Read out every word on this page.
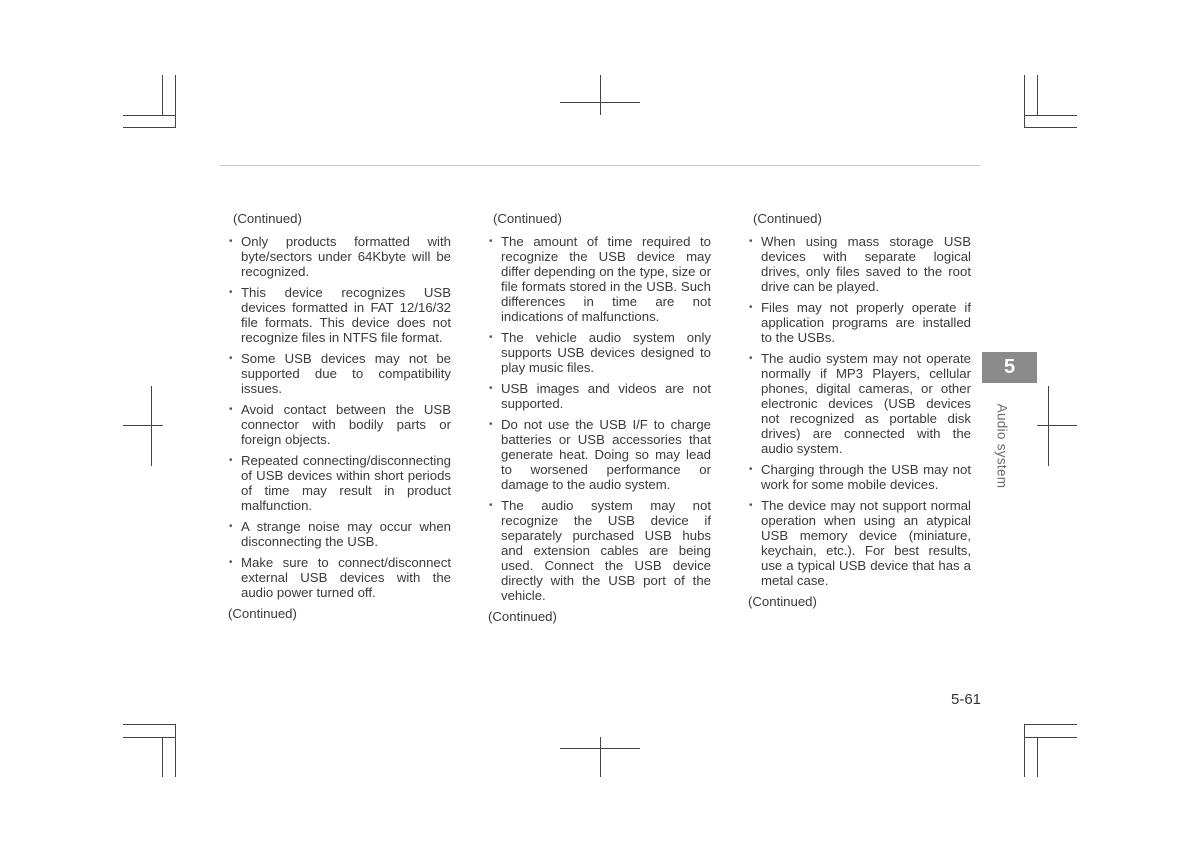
(Continued)
• Only products formatted with byte/sectors under 64Kbyte will be recognized.
• This device recognizes USB devices formatted in FAT 12/16/32 file formats. This device does not recognize files in NTFS file format.
• Some USB devices may not be supported due to compatibility issues.
• Avoid contact between the USB connector with bodily parts or foreign objects.
• Repeated connecting/disconnecting of USB devices within short periods of time may result in product malfunction.
• A strange noise may occur when disconnecting the USB.
• Make sure to connect/disconnect external USB devices with the audio power turned off.
(Continued)
(Continued)
• The amount of time required to recognize the USB device may differ depending on the type, size or file formats stored in the USB. Such differences in time are not indications of malfunctions.
• The vehicle audio system only supports USB devices designed to play music files.
• USB images and videos are not supported.
• Do not use the USB I/F to charge batteries or USB accessories that generate heat. Doing so may lead to worsened performance or damage to the audio system.
• The audio system may not recognize the USB device if separately purchased USB hubs and extension cables are being used. Connect the USB device directly with the USB port of the vehicle.
(Continued)
(Continued)
• When using mass storage USB devices with separate logical drives, only files saved to the root drive can be played.
• Files may not properly operate if application programs are installed to the USBs.
• The audio system may not operate normally if MP3 Players, cellular phones, digital cameras, or other electronic devices (USB devices not recognized as portable disk drives) are connected with the audio system.
• Charging through the USB may not work for some mobile devices.
• The device may not support normal operation when using an atypical USB memory device (miniature, keychain, etc.). For best results, use a typical USB device that has a metal case.
(Continued)
5
Audio system
5-61
